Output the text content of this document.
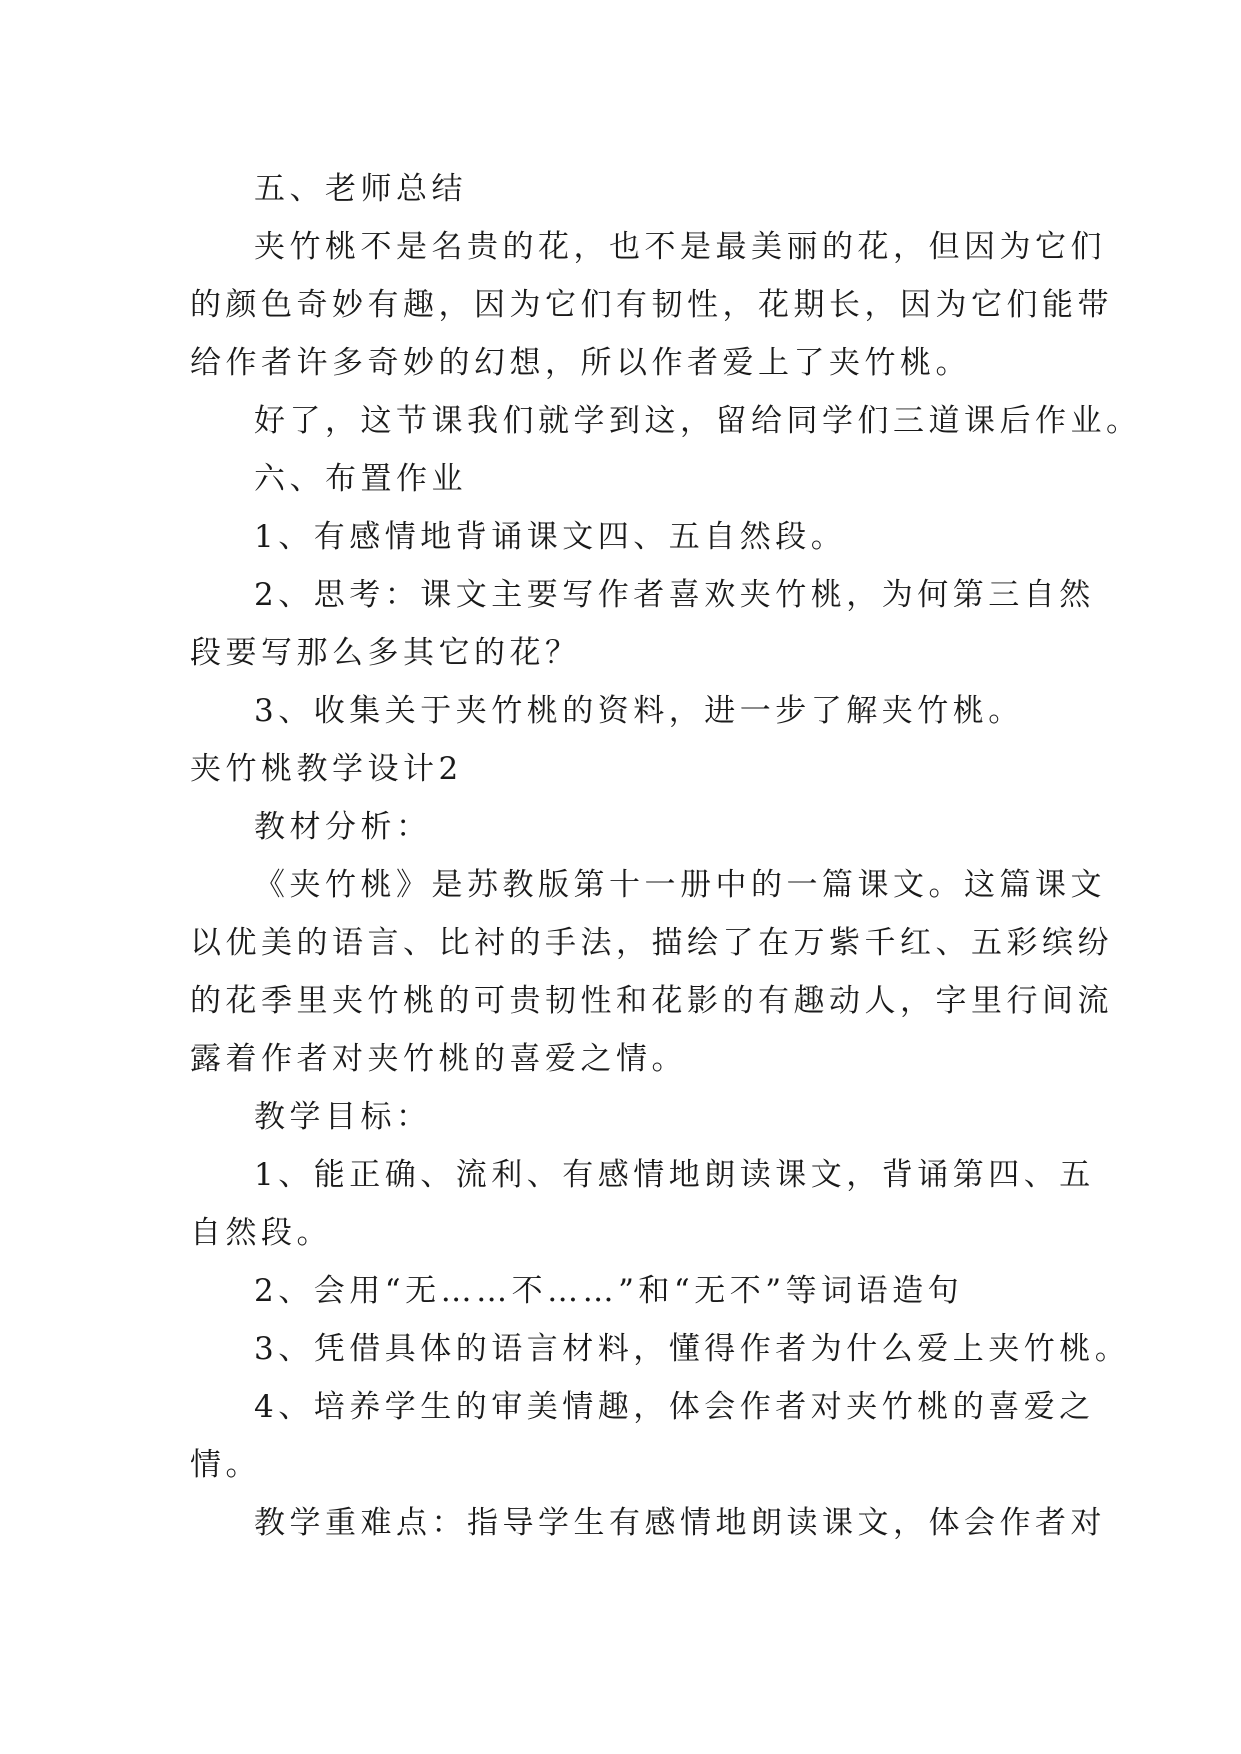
五、老师总结

夹竹桃不是名贵的花，也不是最美丽的花，但因为它们
的颜色奇妙有趣，因为它们有韧性，花期长，因为它们能带
给作者许多奇妙的幻想，所以作者爱上了夹竹桃。

好了，这节课我们就学到这，留给同学们三道课后作业。

六、布置作业

1、有感情地背诵课文四、五自然段。

2、思考：课文主要写作者喜欢夹竹桃，为何第三自然
段要写那么多其它的花？

3、收集关于夹竹桃的资料，进一步了解夹竹桃。

夹竹桃教学设计2

教材分析：

《夹竹桃》是苏教版第十一册中的一篇课文。这篇课文
以优美的语言、比衬的手法，描绘了在万紫千红、五彩缤纷
的花季里夹竹桃的可贵韧性和花影的有趣动人，字里行间流
露着作者对夹竹桃的喜爱之情。

教学目标：

1、能正确、流利、有感情地朗读课文，背诵第四、五
自然段。

2、会用“无……不……”和“无不”等词语造句

3、凭借具体的语言材料，懂得作者为什么爱上夹竹桃。

4、培养学生的审美情趣，体会作者对夹竹桃的喜爱之
情。

教学重难点：指导学生有感情地朗读课文，体会作者对
